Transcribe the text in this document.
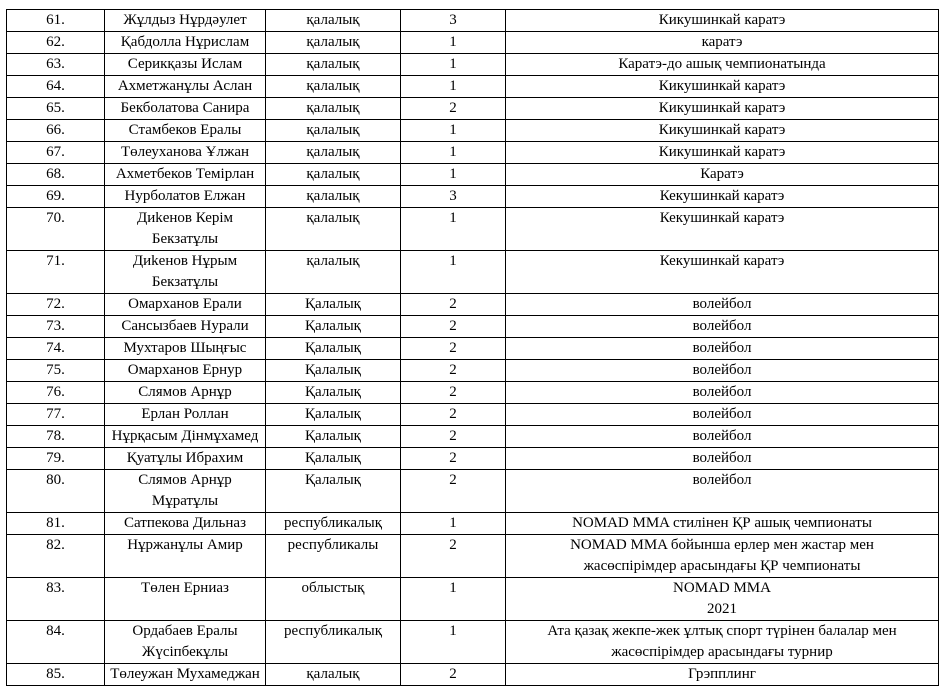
61.	Жұлдыз Нұрдәулет	қалалық	3	Кикушинкай каратэ
62.	Қабдолла Нұрислам	қалалық	1	каратэ
63.	Серикқазы Ислам	қалалық	1	Каратэ-до ашық чемпионатында
64.	Ахметжанұлы Аслан	қалалық	1	Кикушинкай каратэ
65.	Бекболатова Санира	қалалық	2	Кикушинкай каратэ
66.	Стамбеков Ералы	қалалық	1	Кикушинкай каратэ
67.	Төлеуханова Ұлжан	қалалық	1	Кикушинкай каратэ
68.	Ахметбеков Темірлан	қалалық	1	Каратэ
69.	Нурболатов Елжан	қалалық	3	Кекушинкай каратэ
70.	Диkенов Керім
Бекзатұлы	қалалық	1	Кекушинкай каратэ
71.	Диkенов Нұрым
Бекзатұлы	қалалық	1	Кекушинкай каратэ
72.	Омарханов Ерали	Қалалық	2	волейбол
73.	Сансызбаев Нурали	Қалалық	2	волейбол
74.	Мухтаров Шыңғыс	Қалалық	2	волейбол
75.	Омарханов Ернур	Қалалық	2	волейбол
76.	Слямов Арнұр	Қалалық	2	волейбол
77.	Ерлан Роллан	Қалалық	2	волейбол
78.	Нұрқасым Дінмұхамед	Қалалық	2	волейбол
79.	Қуатұлы Ибрахим	Қалалық	2	волейбол
80.	Слямов Арнұр
Мұратұлы	Қалалық	2	волейбол
81.	Сатпекова Дильназ	республикалық	1	NOMAD MMA стилінен ҚР ашық чемпионаты
82.	Нұржанұлы Амир	республикалы	2	NOMAD MMA бойынша ерлер мен жастар мен
жасөспірімдер арасындағы ҚР чемпионаты
83.	Төлен Ерниаз	облыстық	1	NOMAD MMA
2021
84.	Ордабаев Ералы
Жүсіпбекұлы	республикалық	1	Ата қазақ жекпе-жек ұлтық спорт түрінен балалар мен
жасөспірімдер арасындағы турнир
85.	Төлеужан Мухамеджан	қалалық	2	Грэпплинг
